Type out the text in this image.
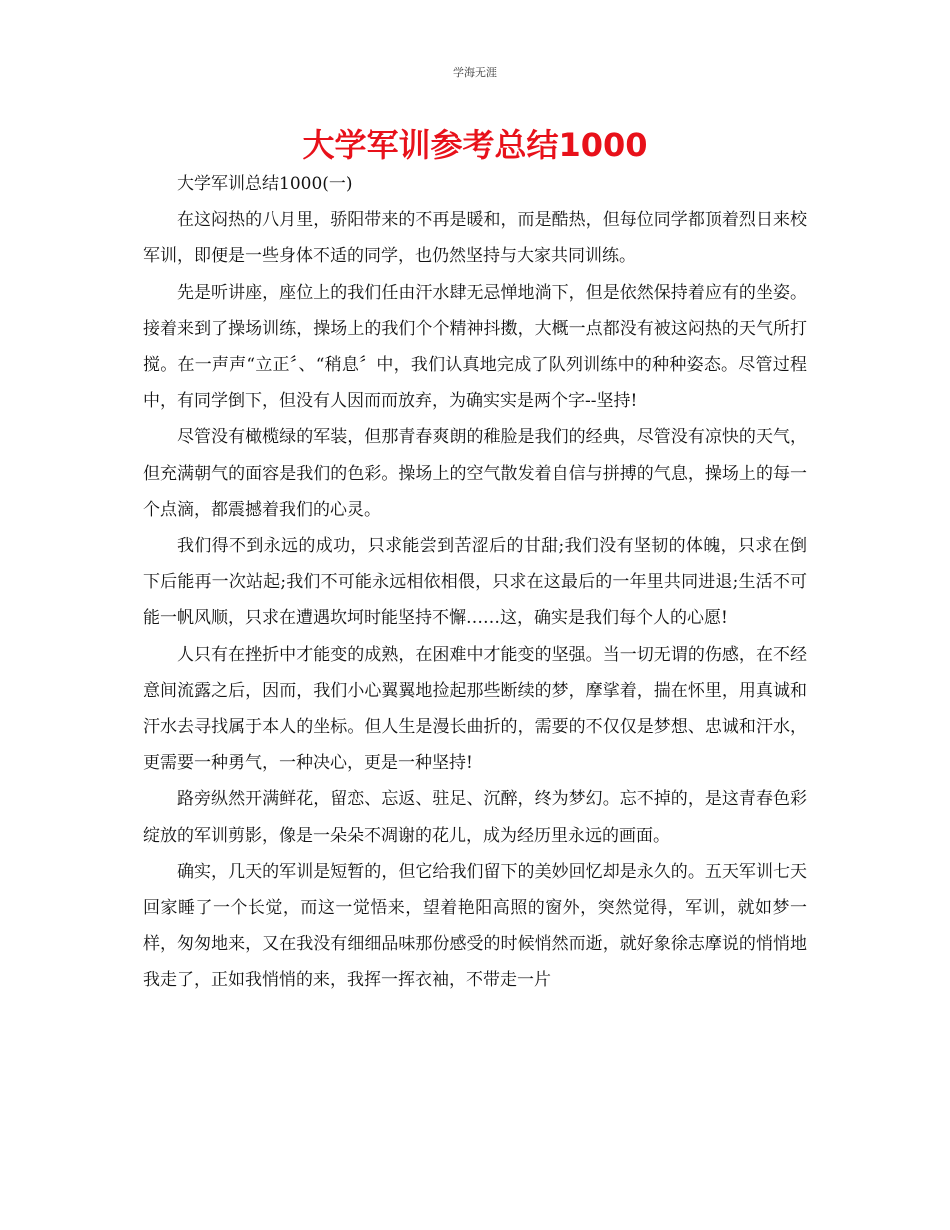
学海无涯
大学军训参考总结1000

大学军训总结1000(一)

在这闷热的八月里，骄阳带来的不再是暖和，而是酷热，但每位同学都顶着烈日来校军训，即便是一些身体不适的同学，也仍然坚持与大家共同训练。

先是听讲座，座位上的我们任由汗水肆无忌惮地淌下，但是依然保持着应有的坐姿。接着来到了操场训练，操场上的我们个个精神抖擞，大概一点都没有被这闷热的天气所打搅。在一声声“立正〞、“稍息〞中，我们认真地完成了队列训练中的种种姿态。尽管过程中，有同学倒下，但没有人因而而放弃，为确实实是两个字--坚持!

尽管没有橄榄绿的军装，但那青春爽朗的稚脸是我们的经典，尽管没有凉快的天气，但充满朝气的面容是我们的色彩。操场上的空气散发着自信与拼搏的气息，操场上的每一个点滴，都震撼着我们的心灵。

我们得不到永远的成功，只求能尝到苦涩后的甘甜;我们没有坚韧的体魄，只求在倒下后能再一次站起;我们不可能永远相依相偎，只求在这最后的一年里共同进退;生活不可能一帆风顺，只求在遭遇坎坷时能坚持不懈……这，确实是我们每个人的心愿!

人只有在挫折中才能变的成熟，在困难中才能变的坚强。当一切无谓的伤感，在不经意间流露之后，因而，我们小心翼翼地捡起那些断续的梦，摩挲着，揣在怀里，用真诚和汗水去寻找属于本人的坐标。但人生是漫长曲折的，需要的不仅仅是梦想、忠诚和汗水，更需要一种勇气，一种决心，更是一种坚持!

路旁纵然开满鲜花，留恋、忘返、驻足、沉醉，终为梦幻。忘不掉的，是这青春色彩绽放的军训剪影，像是一朵朵不凋谢的花儿，成为经历里永远的画面。

确实，几天的军训是短暂的，但它给我们留下的美妙回忆却是永久的。五天军训七天回家睡了一个长觉，而这一觉悟来，望着艳阳高照的窗外，突然觉得，军训，就如梦一样，匆匆地来，又在我没有细细品味那份感受的时候悄然而逝，就好象徐志摩说的悄悄地我走了，正如我悄悄的来，我挥一挥衣袖，不带走一片
